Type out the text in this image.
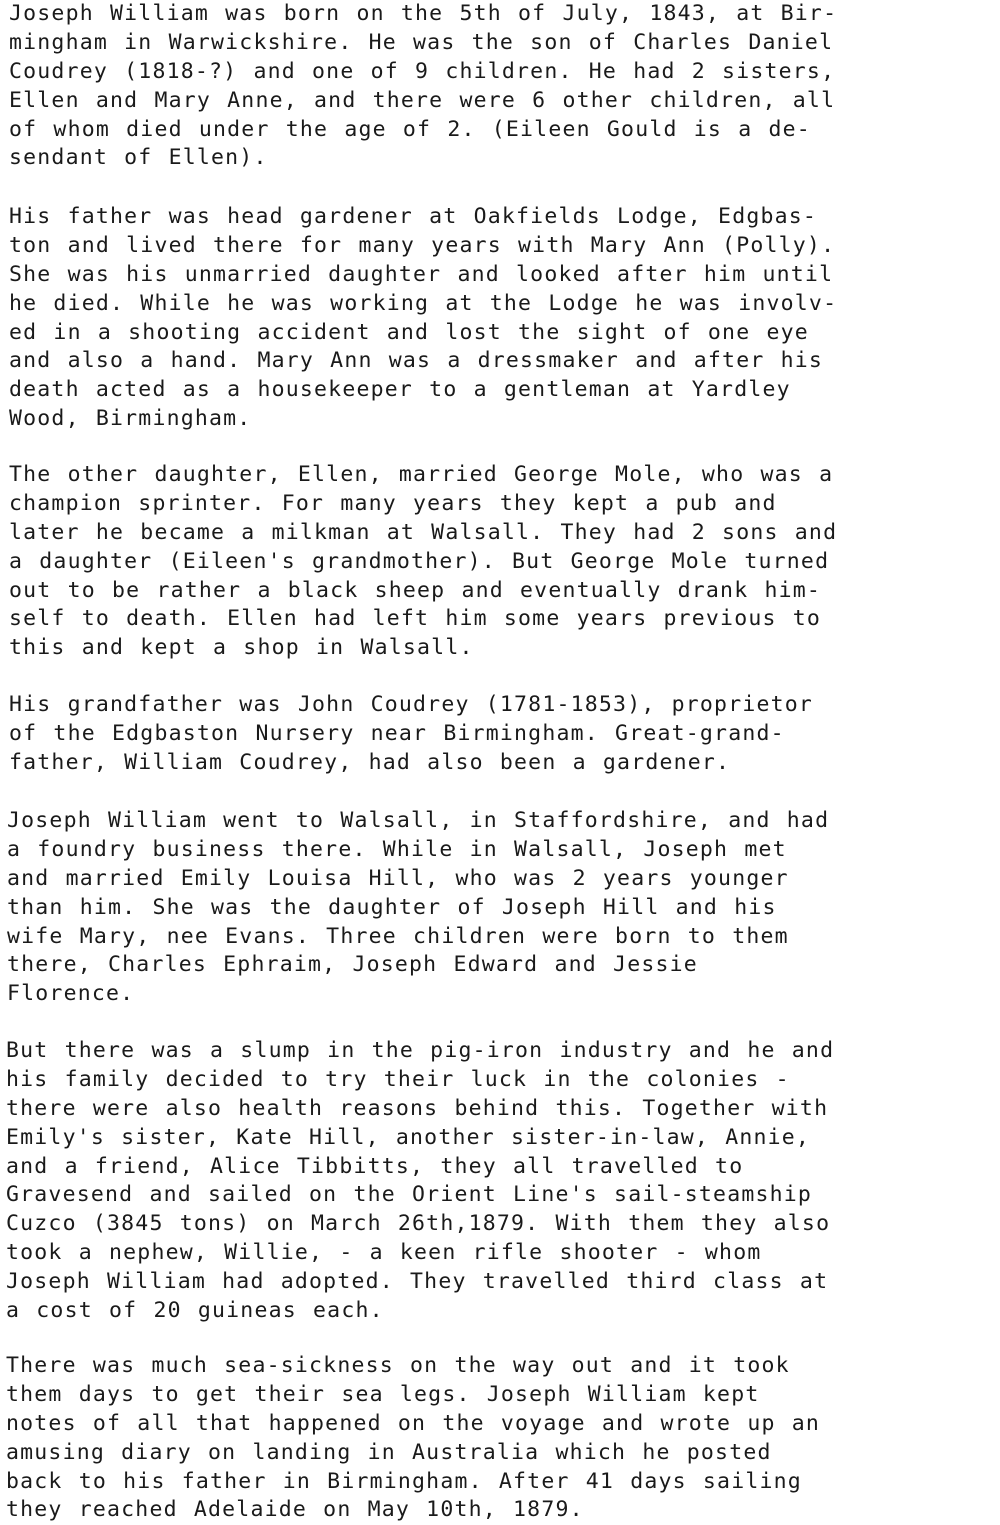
Joseph William was born on the 5th of July, 1843, at Bir-
mingham in Warwickshire. He was the son of Charles Daniel
Coudrey (1818-?) and one of 9 children. He had 2 sisters,
Ellen and Mary Anne, and there were 6 other children, all
of whom died under the age of 2. (Eileen Gould is a de-
sendant of Ellen).
His father was head gardener at Oakfields Lodge, Edgbas-
ton and lived there for many years with Mary Ann (Polly).
She was his unmarried daughter and looked after him until
he died. While he was working at the Lodge he was involv-
ed in a shooting accident and lost the sight of one eye
and also a hand. Mary Ann was a dressmaker and after his
death acted as a housekeeper to a gentleman at Yardley
Wood, Birmingham.
The other daughter, Ellen, married George Mole, who was a
champion sprinter. For many years they kept a pub and
later he became a milkman at Walsall. They had 2 sons and
a daughter (Eileen's grandmother). But George Mole turned
out to be rather a black sheep and eventually drank him-
self to death. Ellen had left him some years previous to
this and kept a shop in Walsall.
His grandfather was John Coudrey (1781-1853), proprietor
of the Edgbaston Nursery near Birmingham. Great-grand-
father, William Coudrey, had also been a gardener.
Joseph William went to Walsall, in Staffordshire, and had
a foundry business there. While in Walsall, Joseph met
and married Emily Louisa Hill, who was 2 years younger
than him. She was the daughter of Joseph Hill and his
wife Mary, nee Evans. Three children were born to them
there, Charles Ephraim, Joseph Edward and Jessie
Florence.
But there was a slump in the pig-iron industry and he and
his family decided to try their luck in the colonies -
there were also health reasons behind this. Together with
Emily's sister, Kate Hill, another sister-in-law, Annie,
and a friend, Alice Tibbitts, they all travelled to
Gravesend and sailed on the Orient Line's sail-steamship
Cuzco (3845 tons) on March 26th,1879. With them they also
took a nephew, Willie, - a keen rifle shooter - whom
Joseph William had adopted. They travelled third class at
a cost of 20 guineas each.
There was much sea-sickness on the way out and it took
them days to get their sea legs. Joseph William kept
notes of all that happened on the voyage and wrote up an
amusing diary on landing in Australia which he posted
back to his father in Birmingham. After 41 days sailing
they reached Adelaide on May 10th, 1879.
